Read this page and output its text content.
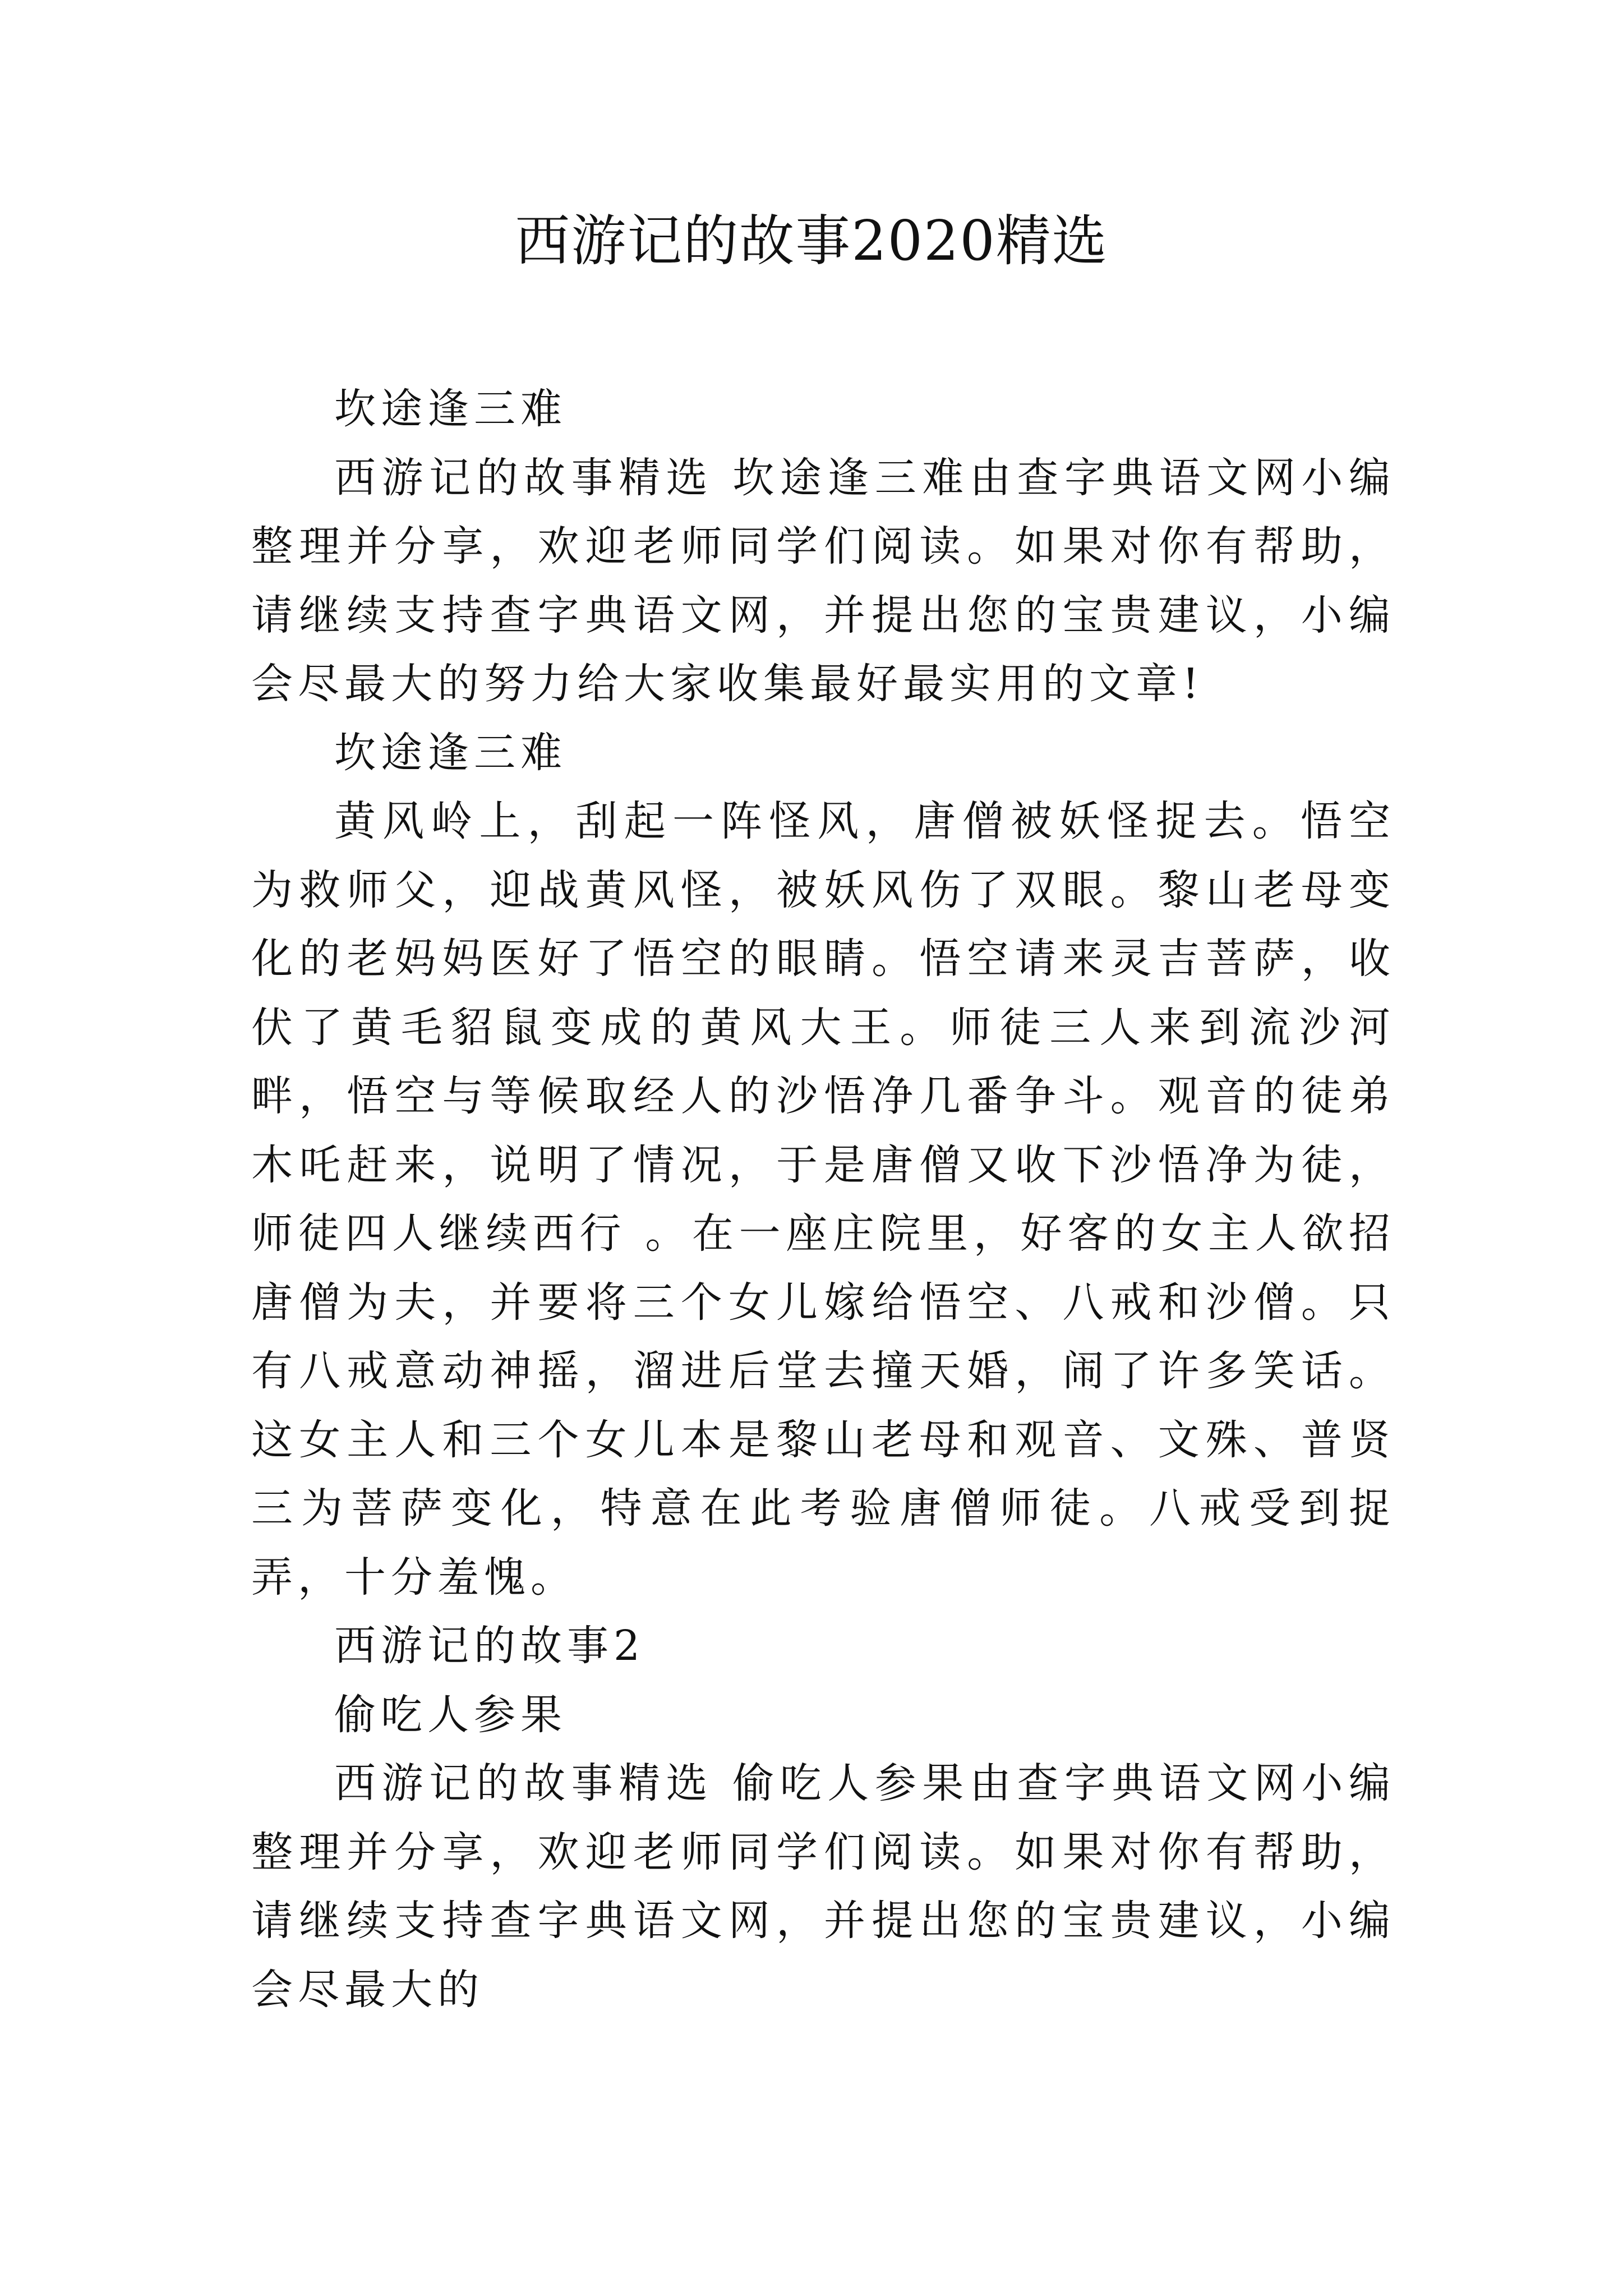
西游记的故事2020精选

坎途逢三难

西游记的故事精选 坎途逢三难由查字典语文网小编整理并分享，欢迎老师同学们阅读。如果对你有帮助，请继续支持查字典语文网，并提出您的宝贵建议，小编会尽最大的努力给大家收集最好最实用的文章!

坎途逢三难

黄风岭上，刮起一阵怪风，唐僧被妖怪捉去。悟空为救师父，迎战黄风怪，被妖风伤了双眼。黎山老母变化的老妈妈医好了悟空的眼睛。悟空请来灵吉菩萨，收伏了黄毛貂鼠变成的黄风大王。师徒三人来到流沙河畔，悟空与等候取经人的沙悟净几番争斗。观音的徒弟木吒赶来，说明了情况，于是唐僧又收下沙悟净为徒，师徒四人继续西行 。在一座庄院里，好客的女主人欲招唐僧为夫，并要将三个女儿嫁给悟空、八戒和沙僧。只有八戒意动神摇，溜进后堂去撞天婚，闹了许多笑话。这女主人和三个女儿本是黎山老母和观音、文殊、普贤三为菩萨变化，特意在此考验唐僧师徒。八戒受到捉弄，十分羞愧。

西游记的故事2

偷吃人参果

西游记的故事精选 偷吃人参果由查字典语文网小编整理并分享，欢迎老师同学们阅读。如果对你有帮助，请继续支持查字典语文网，并提出您的宝贵建议，小编会尽最大的
